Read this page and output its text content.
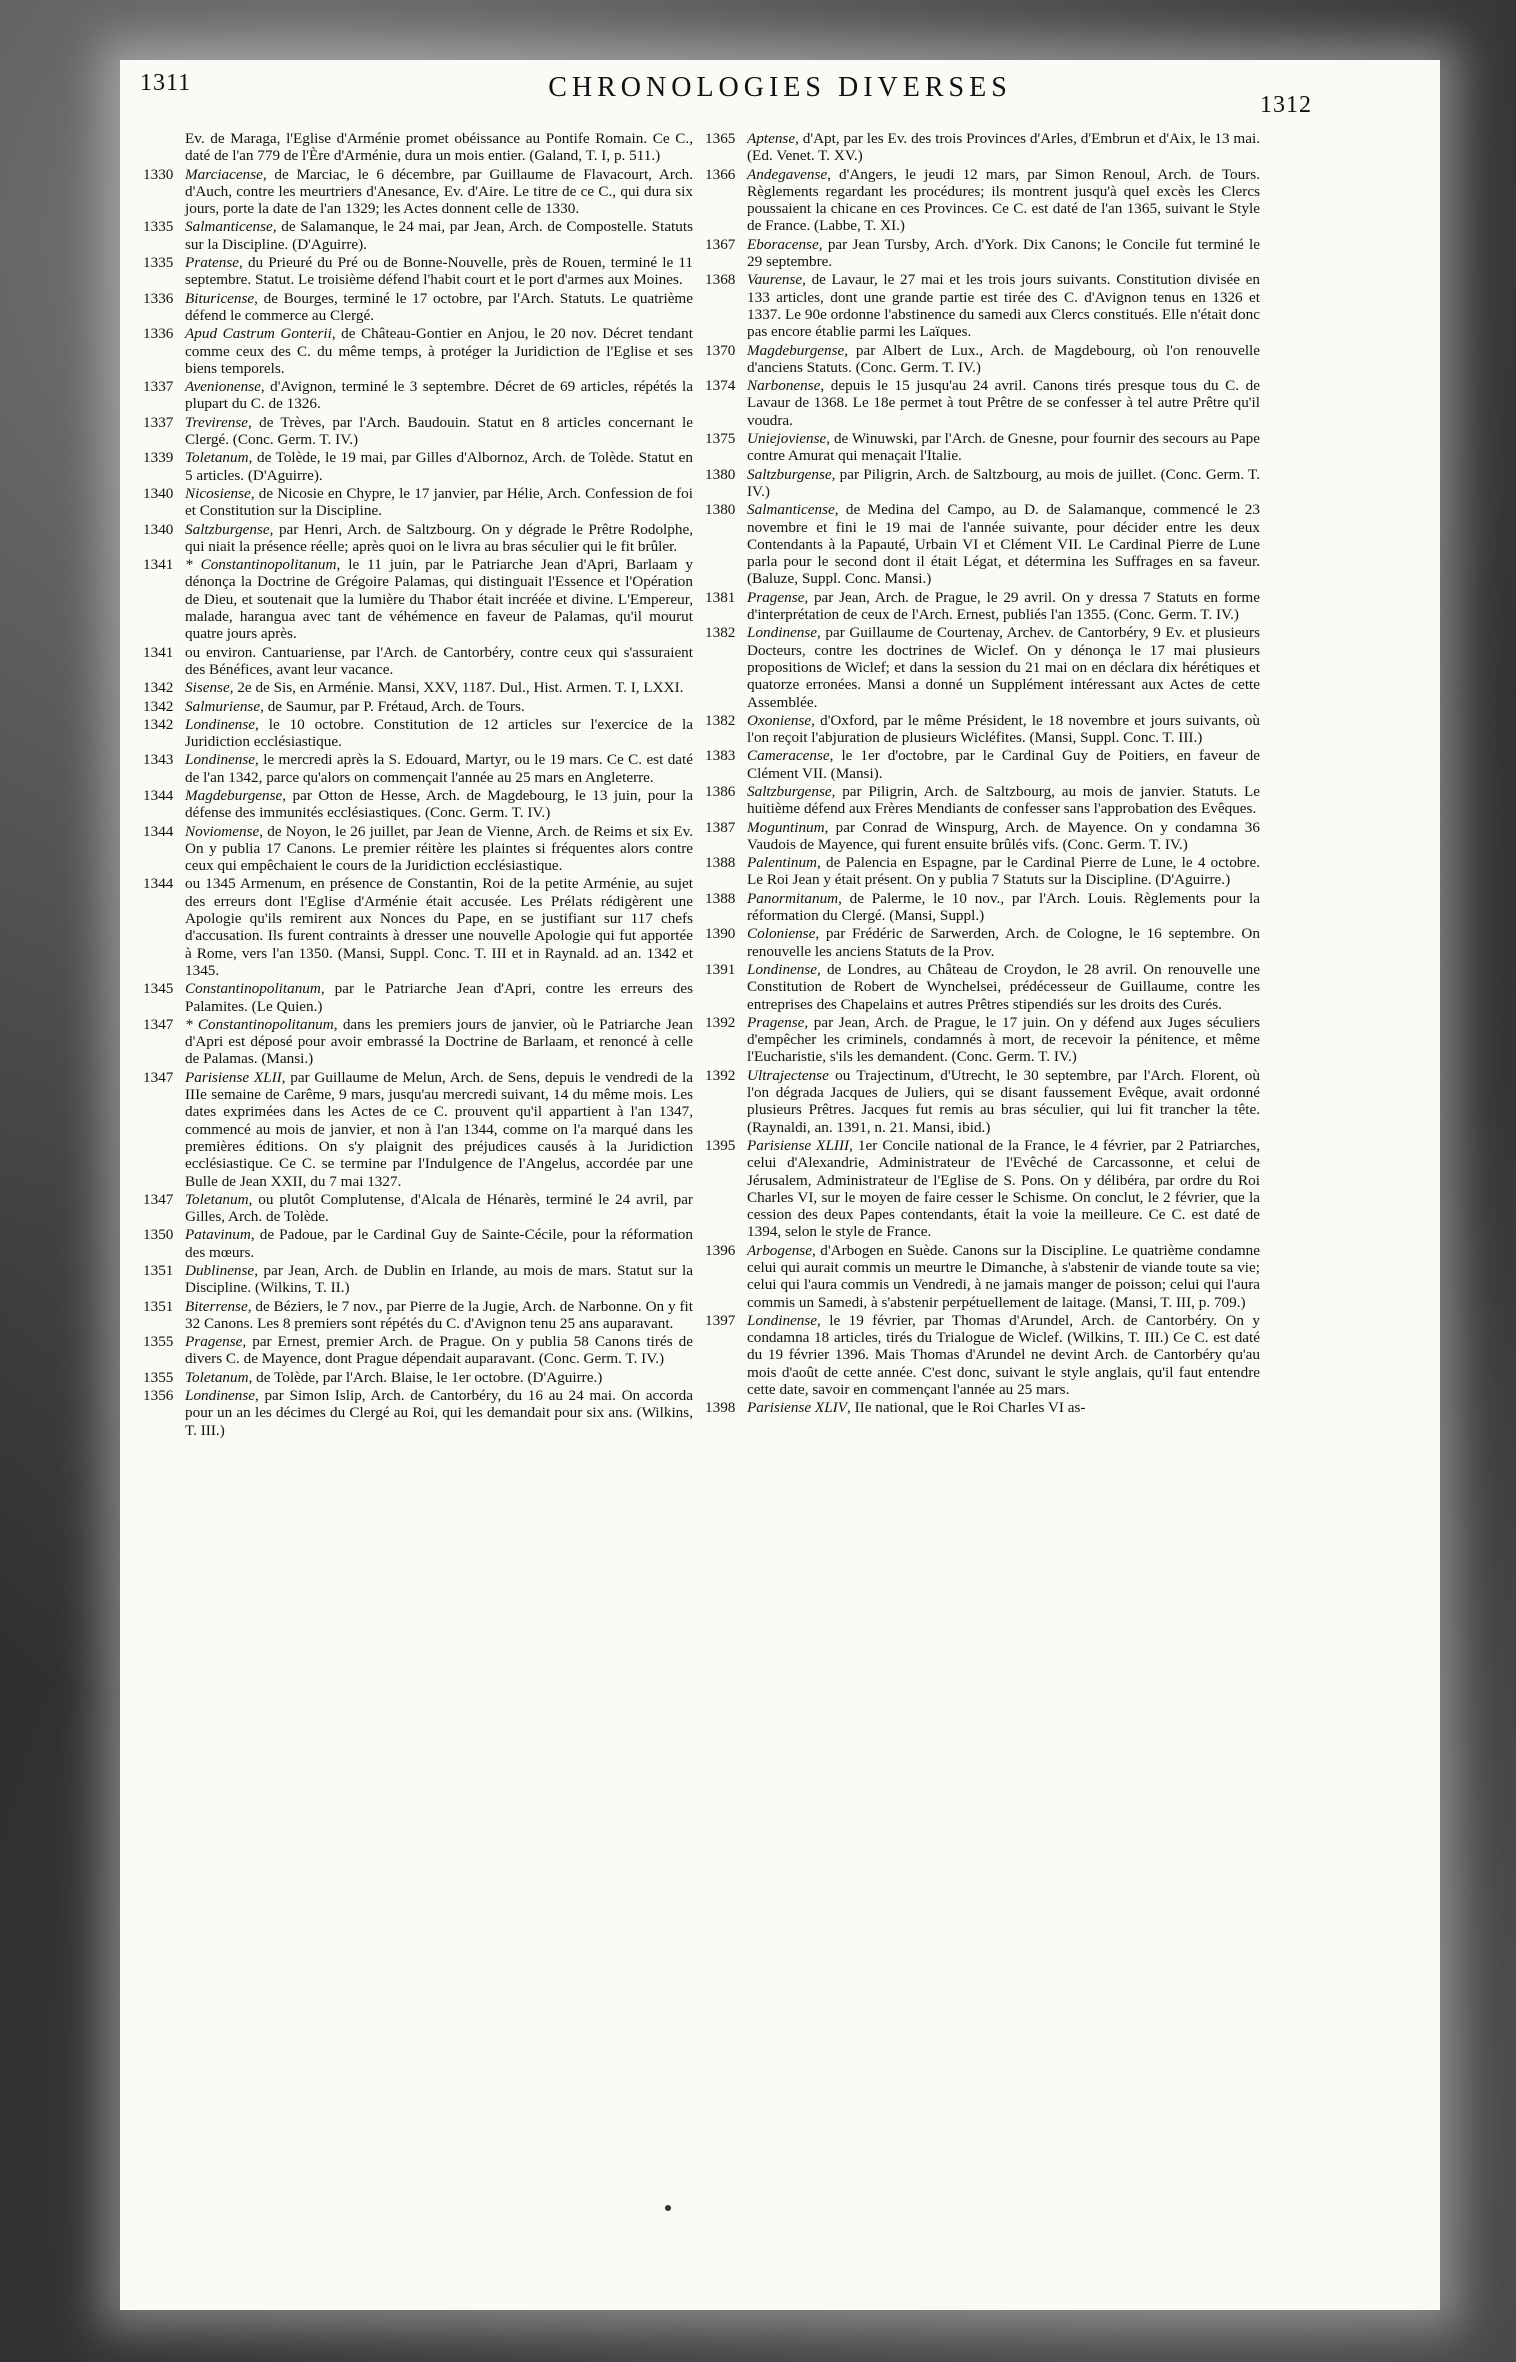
1311	CHRONOLOGIES DIVERSES
1312
Ev. de Maraga, l'Eglise d'Arménie promet obéissance au Pontife Romain. Ce C., daté de l'an 779 de l'Ère d'Arménie, dura un mois entier. (Galand, T. I, p. 511.)
1330 Marciacense, de Marciac, le 6 décembre, par Guillaume de Flavacourt, Arch. d'Auch, contre les meurtriers d'Anesance, Ev. d'Aire. Le titre de ce C., qui dura six jours, porte la date de l'an 1329; les Actes donnent celle de 1330.
1335 Salmanticense, de Salamanque, le 24 mai, par Jean, Arch. de Compostelle. Statuts sur la Discipline. (D'Aguirre).
1335 Pratense, du Prieuré du Pré ou de Bonne-Nouvelle, près de Rouen, terminé le 11 septembre. Statut. Le troisième défend l'habit court et le port d'armes aux Moines.
1336 Bituricense, de Bourges, terminé le 17 octobre, par l'Arch. Statuts. Le quatrième défend le commerce au Clergé.
1336 Apud Castrum Gonterii, de Château-Gontier en Anjou, le 20 nov. Décret tendant comme ceux des C. du même temps, à protéger la Juridiction de l'Eglise et ses biens temporels.
1337 Avenionense, d'Avignon, terminé le 3 septembre. Décret de 69 articles, répétés la plupart du C. de 1326.
1337 Trevirense, de Trèves, par l'Arch. Baudouin. Statut en 8 articles concernant le Clergé. (Conc. Germ. T. IV.)
1339 Toletanum, de Tolède, le 19 mai, par Gilles d'Albornoz, Arch. de Tolède. Statut en 5 articles. (D'Aguirre).
1340 Nicosiense, de Nicosie en Chypre, le 17 janvier, par Hélie, Arch. Confession de foi et Constitution sur la Discipline.
1340 Saltzburgense, par Henri, Arch. de Saltzbourg. On y dégrade le Prêtre Rodolphe, qui niait la présence réelle; après quoi on le livra au bras séculier qui le fit brûler.
1341 * Constantinopolitanum, le 11 juin, par le Patriarche Jean d'Apri, Barlaam y dénonça la Doctrine de Grégoire Palamas, qui distinguait l'Essence et l'Opération de Dieu, et soutenait que la lumière du Thabor était incréée et divine. L'Empereur, malade, harangua avec tant de véhémence en faveur de Palamas, qu'il mourut quatre jours après.
1341 ou environ. Cantuariense, par l'Arch. de Cantorbéry, contre ceux qui s'assuraient des Bénéfices, avant leur vacance.
1342 Sisense, 2e de Sis, en Arménie. Mansi, XXV, 1187. Dul., Hist. Armen. T. I, LXXI.
1342 Salmuriense, de Saumur, par P. Frétaud, Arch. de Tours.
1342 Londinense, le 10 octobre. Constitution de 12 articles sur l'exercice de la Juridiction ecclésiastique.
1343 Londinense, le mercredi après la S. Edouard, Martyr, ou le 19 mars. Ce C. est daté de l'an 1342, parce qu'alors on commençait l'année au 25 mars en Angleterre.
1344 Magdeburgense, par Otton de Hesse, Arch. de Magdebourg, le 13 juin, pour la défense des immunités ecclésiastiques. (Conc. Germ. T. IV.)
1344 Noviomense, de Noyon, le 26 juillet, par Jean de Vienne, Arch. de Reims et six Ev. On y publia 17 Canons. Le premier réitère les plaintes si fréquentes alors contre ceux qui empêchaient le cours de la Juridiction ecclésiastique.
1344 ou 1345 Armenum, en présence de Constantin, Roi de la petite Arménie, au sujet des erreurs dont l'Eglise d'Arménie était accusée. Les Prélats rédigèrent une Apologie qu'ils remirent aux Nonces du Pape, en se justifiant sur 117 chefs d'accusation. Ils furent contraints à dresser une nouvelle Apologie qui fut apportée à Rome, vers l'an 1350. (Mansi, Suppl. Conc. T. III et in Raynald. ad an. 1342 et 1345.
1345 Constantinopolitanum, par le Patriarche Jean d'Apri, contre les erreurs des Palamites. (Le Quien.)
1347 * Constantinopolitanum, dans les premiers jours de janvier, où le Patriarche Jean d'Apri est déposé pour avoir embrassé la Doctrine de Barlaam, et renoncé à celle de Palamas. (Mansi.)
1347 Parisiense XLII, par Guillaume de Melun, Arch. de Sens, depuis le vendredi de la IIIe semaine de Carême, 9 mars, jusqu'au mercredi suivant, 14 du même mois. Les dates exprimées dans les Actes de ce C. prouvent qu'il appartient à l'an 1347, commencé au mois de janvier, et non à l'an 1344, comme on l'a marqué dans les premières éditions. On s'y plaignit des préjudices causés à la Juridiction ecclésiastique. Ce C. se termine par l'Indulgence de l'Angelus, accordée par une Bulle de Jean XXII, du 7 mai 1327.
1347 Toletanum, ou plutôt Complutense, d'Alcala de Hénarès, terminé le 24 avril, par Gilles, Arch. de Tolède.
1350 Patavinum, de Padoue, par le Cardinal Guy de Sainte-Cécile, pour la réformation des mœurs.
1351 Dublinense, par Jean, Arch. de Dublin en Irlande, au mois de mars. Statut sur la Discipline. (Wilkins, T. II.)
1351 Biterrense, de Béziers, le 7 nov., par Pierre de la Jugie, Arch. de Narbonne. On y fit 32 Canons. Les 8 premiers sont répétés du C. d'Avignon tenu 25 ans auparavant.
1355 Pragense, par Ernest, premier Arch. de Prague. On y publia 58 Canons tirés de divers C. de Mayence, dont Prague dépendait auparavant. (Conc. Germ. T. IV.)
1355 Toletanum, de Tolède, par l'Arch. Blaise, le 1er octobre. (D'Aguirre.)
1356 Londinense, par Simon Islip, Arch. de Cantorbéry, du 16 au 24 mai. On accorda pour un an les décimes du Clergé au Roi, qui les demandait pour six ans. (Wilkins, T. III.)
1365 Aptense, d'Apt, par les Ev. des trois Provinces d'Arles, d'Embrun et d'Aix, le 13 mai. (Ed. Venet. T. XV.)
1366 Andegavense, d'Angers, le jeudi 12 mars, par Simon Renoul, Arch. de Tours. Règlements regardant les procédures; ils montrent jusqu'à quel excès les Clercs poussaient la chicane en ces Provinces. Ce C. est daté de l'an 1365, suivant le Style de France. (Labbe, T. XI.)
1367 Eboracense, par Jean Tursby, Arch. d'York. Dix Canons; le Concile fut terminé le 29 septembre.
1368 Vaurense, de Lavaur, le 27 mai et les trois jours suivants. Constitution divisée en 133 articles, dont une grande partie est tirée des C. d'Avignon tenus en 1326 et 1337. Le 90e ordonne l'abstinence du samedi aux Clercs constitués. Elle n'était donc pas encore établie parmi les Laïques.
1370 Magdeburgense, par Albert de Lux., Arch. de Magdebourg, où l'on renouvelle d'anciens Statuts. (Conc. Germ. T. IV.)
1374 Narbonense, depuis le 15 jusqu'au 24 avril. Canons tirés presque tous du C. de Lavaur de 1368. Le 18e permet à tout Prêtre de se confesser à tel autre Prêtre qu'il voudra.
1375 Uniejoviense, de Winuwski, par l'Arch. de Gnesne, pour fournir des secours au Pape contre Amurat qui menaçait l'Italie.
1380 Saltzburgense, par Piligrin, Arch. de Saltzbourg, au mois de juillet. (Conc. Germ. T. IV.)
1380 Salmanticense, de Medina del Campo, au D. de Salamanque, commencé le 23 novembre et fini le 19 mai de l'année suivante, pour décider entre les deux Contendants à la Papauté, Urbain VI et Clément VII. Le Cardinal Pierre de Lune parla pour le second dont il était Légat, et détermina les Suffrages en sa faveur. (Baluze, Suppl. Conc. Mansi.)
1381 Pragense, par Jean, Arch. de Prague, le 29 avril. On y dressa 7 Statuts en forme d'interprétation de ceux de l'Arch. Ernest, publiés l'an 1355. (Conc. Germ. T. IV.)
1382 Londinense, par Guillaume de Courtenay, Archev. de Cantorbéry, 9 Ev. et plusieurs Docteurs, contre les doctrines de Wiclef. On y dénonça le 17 mai plusieurs propositions de Wiclef; et dans la session du 21 mai on en déclara dix hérétiques et quatorze erronées. Mansi a donné un Supplément intéressant aux Actes de cette Assemblée.
1382 Oxoniense, d'Oxford, par le même Président, le 18 novembre et jours suivants, où l'on reçoit l'abjuration de plusieurs Wicléfites. (Mansi, Suppl. Conc. T. III.)
1383 Cameracense, le 1er d'octobre, par le Cardinal Guy de Poitiers, en faveur de Clément VII. (Mansi).
1386 Saltzburgense, par Piligrin, Arch. de Saltzbourg, au mois de janvier. Statuts. Le huitième défend aux Frères Mendiants de confesser sans l'approbation des Evêques.
1387 Moguntinum, par Conrad de Winspurg, Arch. de Mayence. On y condamna 36 Vaudois de Mayence, qui furent ensuite brûlés vifs. (Conc. Germ. T. IV.)
1388 Palentinum, de Palencia en Espagne, par le Cardinal Pierre de Lune, le 4 octobre. Le Roi Jean y était présent. On y publia 7 Statuts sur la Discipline. (D'Aguirre.)
1388 Panormitanum, de Palerme, le 10 nov., par l'Arch. Louis. Règlements pour la réformation du Clergé. (Mansi, Suppl.)
1390 Coloniense, par Frédéric de Sarwerden, Arch. de Cologne, le 16 septembre. On renouvelle les anciens Statuts de la Prov.
1391 Londinense, de Londres, au Château de Croydon, le 28 avril. On renouvelle une Constitution de Robert de Wynchelsei, prédécesseur de Guillaume, contre les entreprises des Chapelains et autres Prêtres stipendiés sur les droits des Curés.
1392 Pragense, par Jean, Arch. de Prague, le 17 juin. On y défend aux Juges séculiers d'empêcher les criminels, condamnés à mort, de recevoir la pénitence, et même l'Eucharistie, s'ils les demandent. (Conc. Germ. T. IV.)
1392 Ultrajectense ou Trajectinum, d'Utrecht, le 30 septembre, par l'Arch. Florent, où l'on dégrada Jacques de Juliers, qui se disant faussement Evêque, avait ordonné plusieurs Prêtres. Jacques fut remis au bras séculier, qui lui fit trancher la tête. (Raynaldi, an. 1391, n. 21. Mansi, ibid.)
1395 Parisiense XLIII, 1er Concile national de la France, le 4 février, par 2 Patriarches, celui d'Alexandrie, Administrateur de l'Evêché de Carcassonne, et celui de Jérusalem, Administrateur de l'Eglise de S. Pons. On y délibéra, par ordre du Roi Charles VI, sur le moyen de faire cesser le Schisme. On conclut, le 2 février, que la cession des deux Papes contendants, était la voie la meilleure. Ce C. est daté de 1394, selon le style de France.
1396 Arbogense, d'Arbogen en Suède. Canons sur la Discipline. Le quatrième condamne celui qui aurait commis un meurtre le Dimanche, à s'abstenir de viande toute sa vie; celui qui l'aura commis un Vendredi, à ne jamais manger de poisson; celui qui l'aura commis un Samedi, à s'abstenir perpétuellement de laitage. (Mansi, T. III, p. 709.)
1397 Londinense, le 19 février, par Thomas d'Arundel, Arch. de Cantorbéry. On y condamna 18 articles, tirés du Trialogue de Wiclef. (Wilkins, T. III.) Ce C. est daté du 19 février 1396. Mais Thomas d'Arundel ne devint Arch. de Cantorbéry qu'au mois d'août de cette année. C'est donc, suivant le style anglais, qu'il faut entendre cette date, savoir en commençant l'année au 25 mars.
1398 Parisiense XLIV, IIe national, que le Roi Charles VI as-
